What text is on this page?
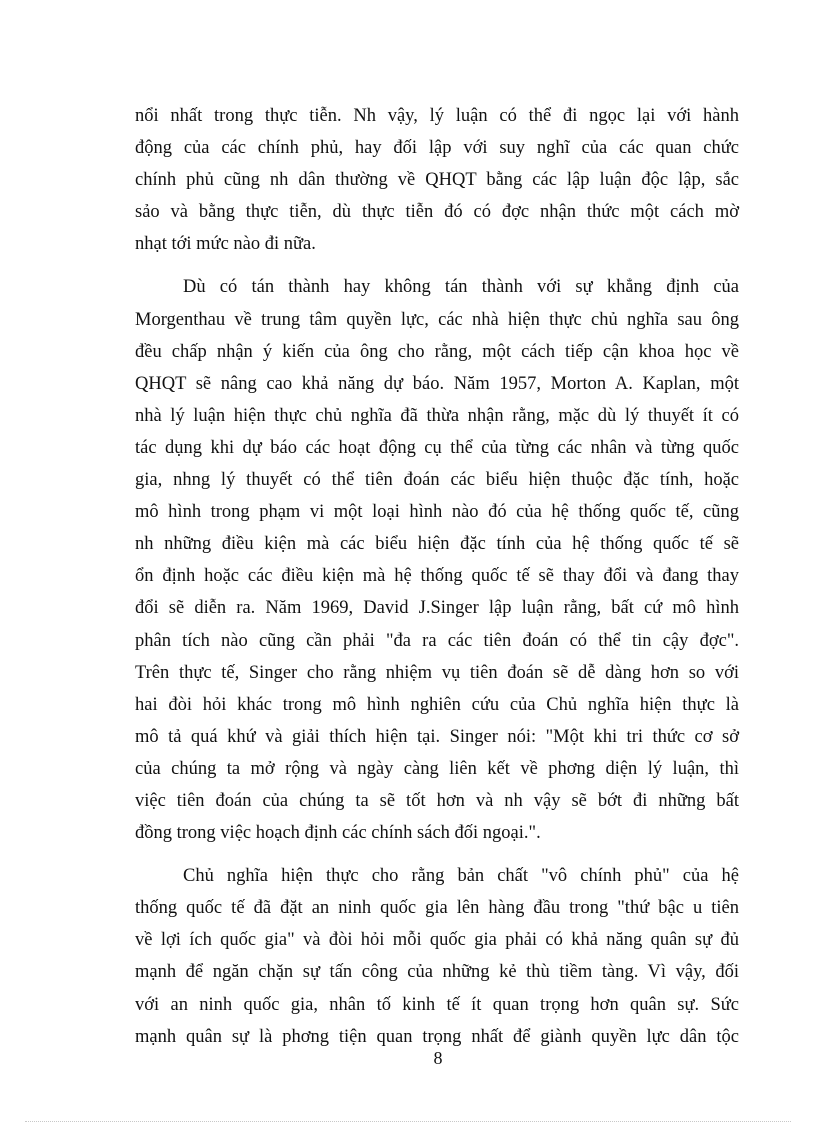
nổi nhất trong thực tiễn. Nh vậy, lý luận có thể đi ngọc lại với hành
động của các chính phủ, hay đối lập với suy nghĩ của các quan chức
chính phủ cũng nh dân thường về QHQT bằng các lập luận độc lập, sắc
sảo và bằng thực tiễn, dù thực tiễn đó có đợc nhận thức một cách mờ
nhạt tới mức nào đi nữa.

Dù có tán thành hay không tán thành với sự khẳng định của
Morgenthau về trung tâm quyền lực, các nhà hiện thực chủ nghĩa sau ông
đều chấp nhận ý kiến của ông cho rằng, một cách tiếp cận khoa học về
QHQT sẽ nâng cao khả năng dự báo. Năm 1957, Morton A. Kaplan, một
nhà lý luận hiện thực chủ nghĩa đã thừa nhận rằng, mặc dù lý thuyết ít có
tác dụng khi dự báo các hoạt động cụ thể của từng các nhân và từng quốc
gia, nhng lý thuyết có thể tiên đoán các biểu hiện thuộc đặc tính, hoặc
mô hình trong phạm vi một loại hình nào đó của hệ thống quốc tế, cũng
nh những điều kiện mà các biểu hiện đặc tính của hệ thống quốc tế sẽ
ổn định hoặc các điều kiện mà hệ thống quốc tế sẽ thay đổi và đang thay
đổi sẽ diễn ra. Năm 1969, David J.Singer lập luận rằng, bất cứ mô hình
phân tích nào cũng cần phải "đa ra các tiên đoán có thể tin cậy đợc".
Trên thực tế, Singer cho rằng nhiệm vụ tiên đoán sẽ dễ dàng hơn so với
hai đòi hỏi khác trong mô hình nghiên cứu của Chủ nghĩa hiện thực là
mô tả quá khứ và giải thích hiện tại. Singer nói: "Một khi tri thức cơ sở
của chúng ta mở rộng và ngày càng liên kết về phơng diện lý luận, thì
việc tiên đoán của chúng ta sẽ tốt hơn và nh vậy sẽ bớt đi những bất
đồng trong việc hoạch định các chính sách đối ngoại.".

Chủ nghĩa hiện thực cho rằng bản chất "vô chính phủ" của hệ
thống quốc tế đã đặt an ninh quốc gia lên hàng đầu trong "thứ bậc u tiên
về lợi ích quốc gia" và đòi hỏi mỗi quốc gia phải có khả năng quân sự đủ
mạnh để ngăn chặn sự tấn công của những kẻ thù tiềm tàng. Vì vậy, đối
với an ninh quốc gia, nhân tố kinh tế ít quan trọng hơn quân sự. Sức
mạnh quân sự là phơng tiện quan trọng nhất để giành quyền lực dân tộc

8
